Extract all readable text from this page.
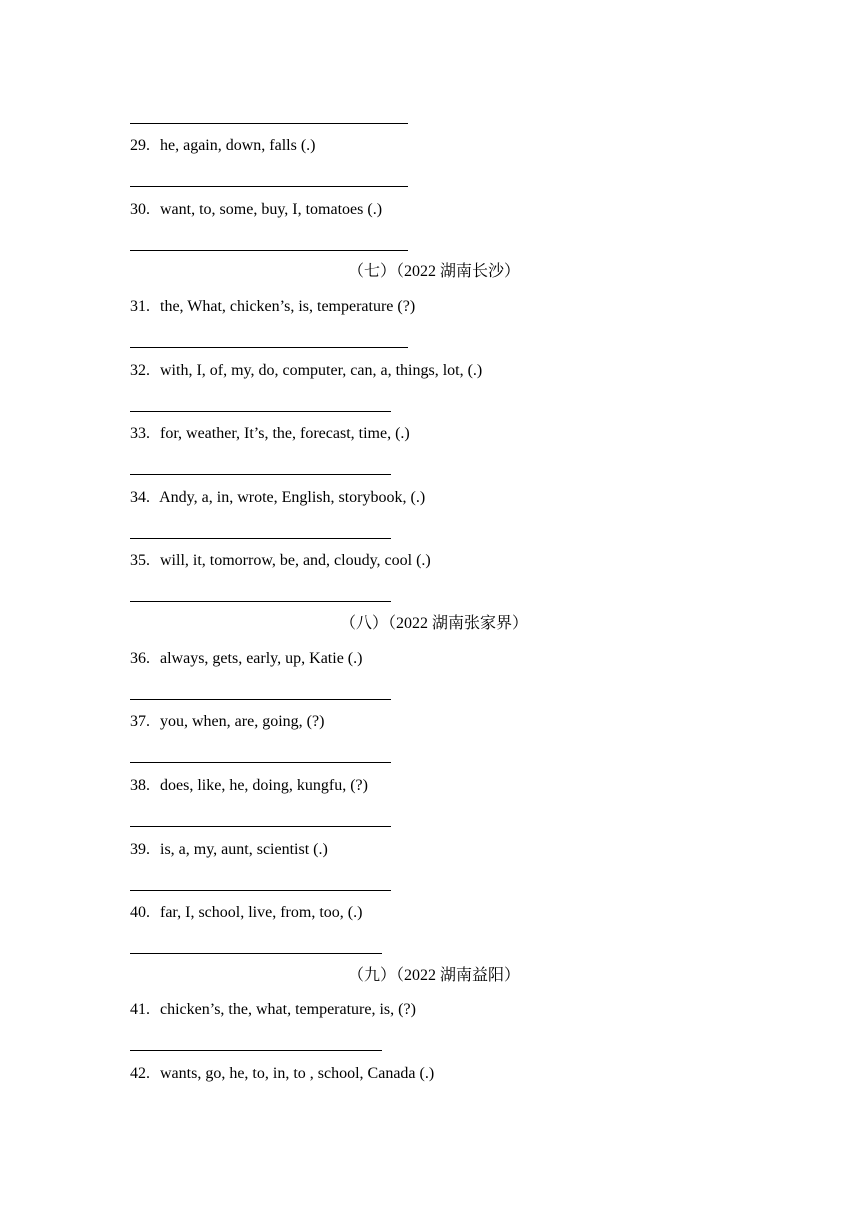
29. he, again, down, falls (.)
30. want, to, some, buy, I, tomatoes (.)
（七）（2022 湖南长沙）
31. the, What, chicken’s, is, temperature (?)
32. with, I, of, my, do, computer, can, a, things, lot, (.)
33. for, weather, It’s, the, forecast, time, (.)
34. Andy, a, in, wrote, English, storybook, (.)
35. will, it, tomorrow, be, and, cloudy, cool (.)
（八）（2022 湖南张家界）
36. always, gets, early, up, Katie (.)
37. you, when, are, going, (?)
38. does, like, he, doing, kungfu, (?)
39. is, a, my, aunt, scientist (.)
40. far, I, school, live, from, too, (.)
（九）（2022 湖南益阳）
41. chicken’s, the, what, temperature, is, (?)
42. wants, go, he, to, in, to , school, Canada (.)
